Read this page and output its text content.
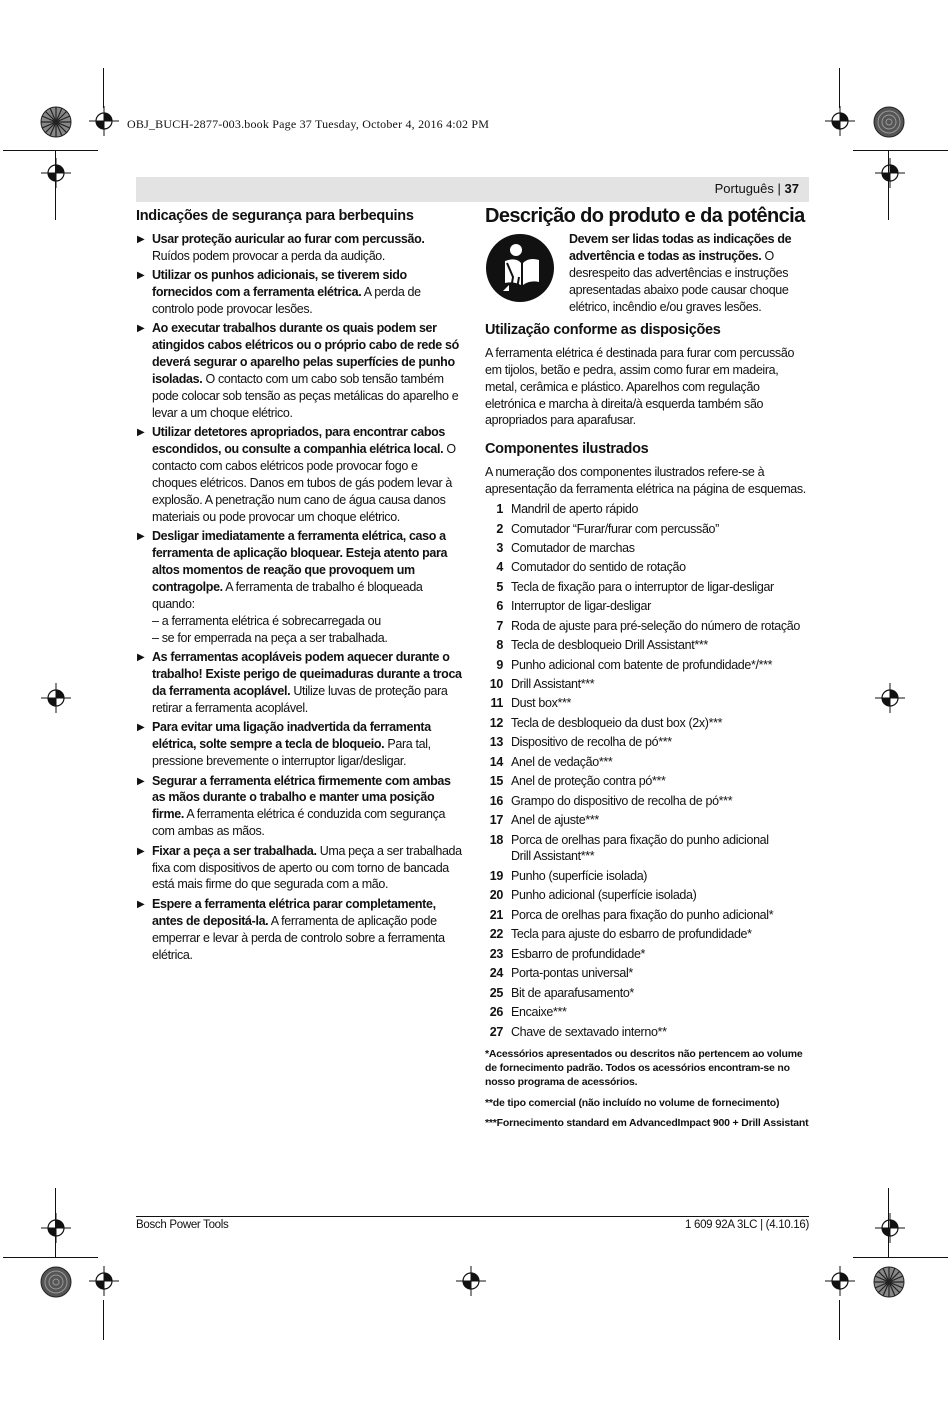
OBJ_BUCH-2877-003.book Page 37 Tuesday, October 4, 2016 4:02 PM
Português | 37
Indicações de segurança para berbequins
▶ Usar proteção auricular ao furar com percussão. Ruídos podem provocar a perda da audição.
▶ Utilizar os punhos adicionais, se tiverem sido fornecidos com a ferramenta elétrica. A perda de controlo pode provocar lesões.
▶ Ao executar trabalhos durante os quais podem ser atingidos cabos elétricos ou o próprio cabo de rede só deverá segurar o aparelho pelas superfícies de punho isoladas. O contacto com um cabo sob tensão também pode colocar sob tensão as peças metálicas do aparelho e levar a um choque elétrico.
▶ Utilizar detetores apropriados, para encontrar cabos escondidos, ou consulte a companhia elétrica local. O contacto com cabos elétricos pode provocar fogo e choques elétricos. Danos em tubos de gás podem levar à explosão. A penetração num cano de água causa danos materiais ou pode provocar um choque elétrico.
▶ Desligar imediatamente a ferramenta elétrica, caso a ferramenta de aplicação bloquear. Esteja atento para altos momentos de reação que provoquem um contragolpe. A ferramenta de trabalho é bloqueada quando:
– a ferramenta elétrica é sobrecarregada ou
– se for emperrada na peça a ser trabalhada.
▶ As ferramentas acopláveis podem aquecer durante o trabalho! Existe perigo de queimaduras durante a troca da ferramenta acoplável. Utilize luvas de proteção para retirar a ferramenta acoplável.
▶ Para evitar uma ligação inadvertida da ferramenta elétrica, solte sempre a tecla de bloqueio. Para tal, pressione brevemente o interruptor ligar/desligar.
▶ Segurar a ferramenta elétrica firmemente com ambas as mãos durante o trabalho e manter uma posição firme. A ferramenta elétrica é conduzida com segurança com ambas as mãos.
▶ Fixar a peça a ser trabalhada. Uma peça a ser trabalhada fixa com dispositivos de aperto ou com torno de bancada está mais firme do que segurada com a mão.
▶ Espere a ferramenta elétrica parar completamente, antes de depositá-la. A ferramenta de aplicação pode emperrar e levar à perda de controlo sobre a ferramenta elétrica.
Descrição do produto e da potência
Devem ser lidas todas as indicações de advertência e todas as instruções. O desrespeito das advertências e instruções apresentadas abaixo pode causar choque elétrico, incêndio e/ou graves lesões.
Utilização conforme as disposições

A ferramenta elétrica é destinada para furar com percussão em tijolos, betão e pedra, assim como furar em madeira, metal, cerâmica e plástico. Aparelhos com regulação eletrónica e marcha à direita/à esquerda também são apropriados para aparafusar.

Componentes ilustrados

A numeração dos componentes ilustrados refere-se à apresentação da ferramenta elétrica na página de esquemas.

1 Mandril de aperto rápido
2 Comutador “Furar/furar com percussão”
3 Comutador de marchas
4 Comutador do sentido de rotação
5 Tecla de fixação para o interruptor de ligar-desligar
6 Interruptor de ligar-desligar
7 Roda de ajuste para pré-seleção do número de rotação
8 Tecla de desbloqueio Drill Assistant***
9 Punho adicional com batente de profundidade*/***
10 Drill Assistant***
11 Dust box***
12 Tecla de desbloqueio da dust box (2x)***
13 Dispositivo de recolha de pó***
14 Anel de vedação***
15 Anel de proteção contra pó***
16 Grampo do dispositivo de recolha de pó***
17 Anel de ajuste***
18 Porca de orelhas para fixação do punho adicional
Drill Assistant***
19 Punho (superfície isolada)
20 Punho adicional (superfície isolada)
21 Porca de orelhas para fixação do punho adicional*
22 Tecla para ajuste do esbarro de profundidade*
23 Esbarro de profundidade*
24 Porta-pontas universal*
25 Bit de aparafusamento*
26 Encaixe***
27 Chave de sextavado interno**
*Acessórios apresentados ou descritos não pertencem ao volume de fornecimento padrão. Todos os acessórios encontram-se no nosso programa de acessórios.
**de tipo comercial (não incluído no volume de fornecimento)
***Fornecimento standard em AdvancedImpact 900 + Drill Assistant
Bosch Power Tools	1 609 92A 3LC | (4.10.16)
